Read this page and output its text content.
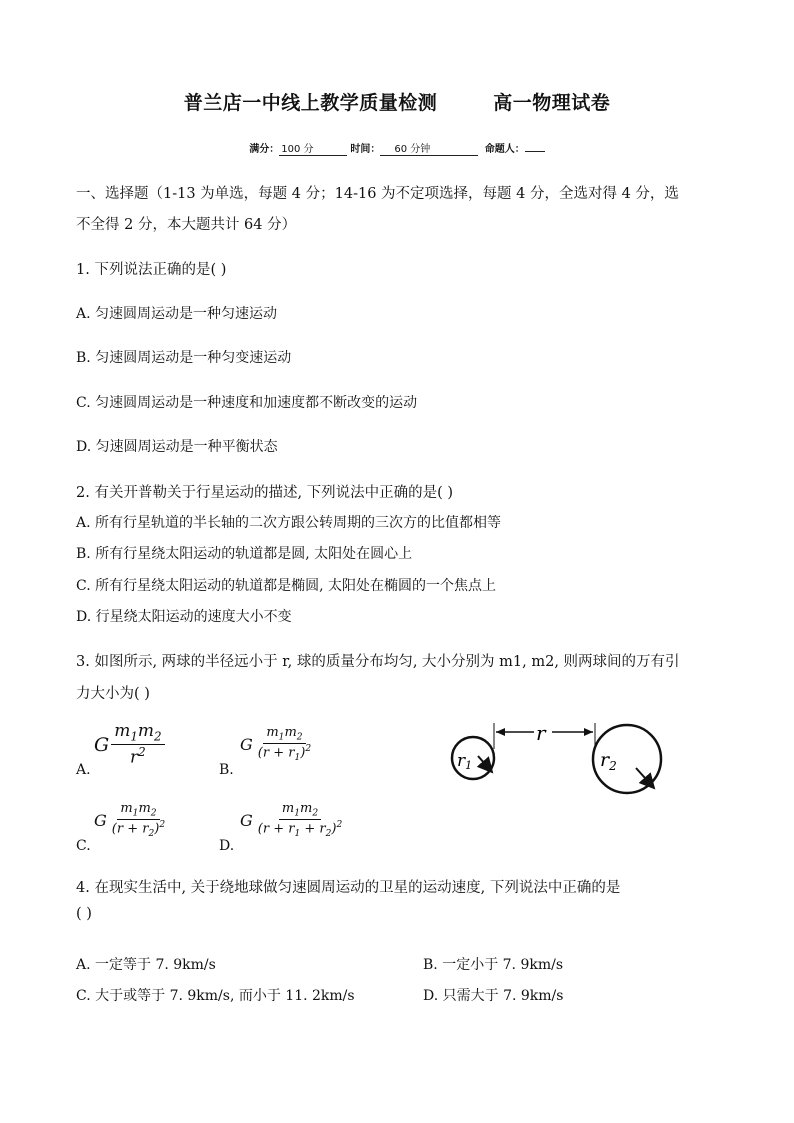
普兰店一中线上教学质量检测	高一物理试卷
满分： 100 分	时间： 60 分钟	命题人：
一、选择题（1-13 为单选，每题 4 分；14-16 为不定项选择，每题 4 分，全选对得 4 分，选
不全得 2 分，本大题共计 64 分）
1. 下列说法正确的是( )
A. 匀速圆周运动是一种匀速运动
B. 匀速圆周运动是一种匀变速运动
C. 匀速圆周运动是一种速度和加速度都不断改变的运动
D. 匀速圆周运动是一种平衡状态
2. 有关开普勒关于行星运动的描述, 下列说法中正确的是( )
A. 所有行星轨道的半长轴的二次方跟公转周期的三次方的比值都相等
B. 所有行星绕太阳运动的轨道都是圆, 太阳处在圆心上
C. 所有行星绕太阳运动的轨道都是椭圆, 太阳处在椭圆的一个焦点上
D. 行星绕太阳运动的速度大小不变
3. 如图所示, 两球的半径远小于 r, 球的质量分布均匀, 大小分别为 m1, m2, 则两球间的万有引
力大小为( )
A.
G $\frac{m_1m_2}{r^2}$
B.
G $\frac{m_1m_2}{(r + r_1)^2}$
C.
G $\frac{m_1m_2}{(r + r_2)^2}$
D.
G $\frac{m_1m_2}{(r + r_1 + r_2)^2}$
r
r1	$r_2$
4. 在现实生活中, 关于绕地球做匀速圆周运动的卫星的运动速度, 下列说法中正确的是
( )
A. 一定等于 7. 9km/s	B. 一定小于 7. 9km/s
C. 大于或等于 7. 9km/s, 而小于 11. 2km/s	D. 只需大于 7. 9km/s
